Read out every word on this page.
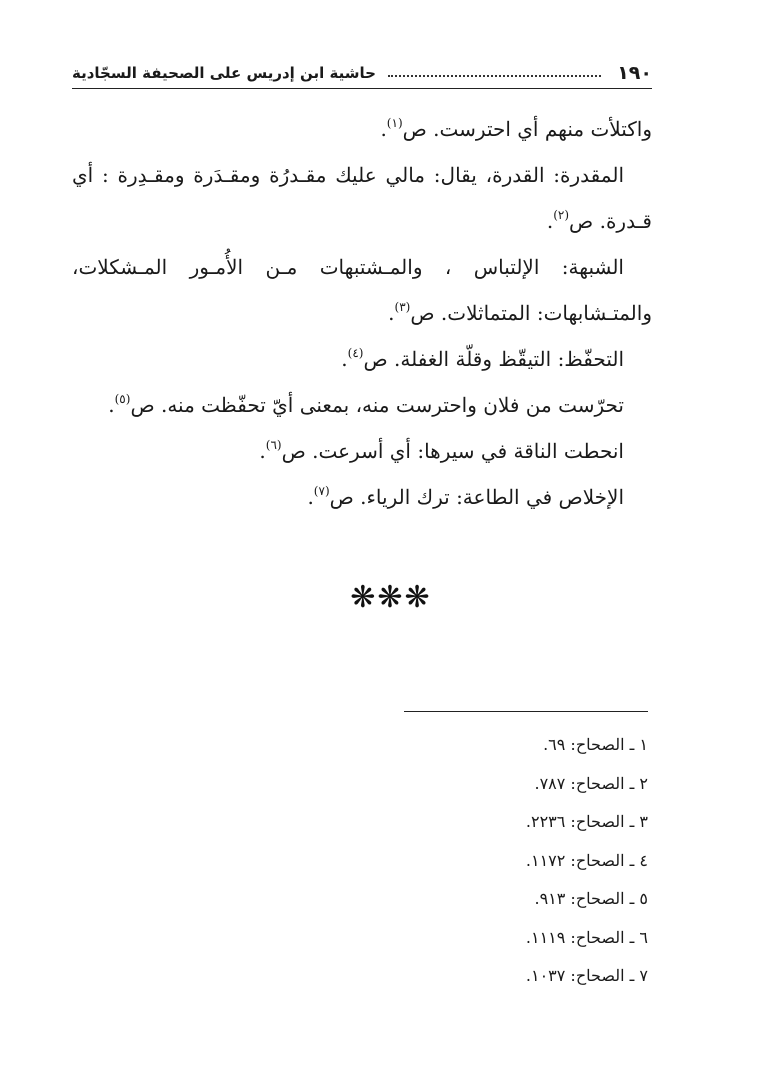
١٩٠
حاشية ابن إدريس على الصحيفة السجّادية

واكتلأت منهم أي احترست. ص$^{(١)}$.

المقدرة: القدرة، يقال: مالي عليك مقـدرُة ومقـدَرة ومقـدِرة : أي قـدرة. ص$^{(٢)}$.

الشبهة: الإلتباس ، والمـشتبهات مـن الأُمـور المـشكلات، والمتـشابهات: المتماثلات. ص$^{(٣)}$.

التحفّظ: التيقّظ وقلّة الغفلة. ص$^{(٤)}$.

تحرّست من فلان واحترست منه، بمعنى أيّ تحفّظت منه. ص$^{(٥)}$.

انحطت الناقة في سيرها: أي أسرعت. ص$^{(٦)}$.

الإخلاص في الطاعة: ترك الرياء. ص$^{(٧)}$.

❋❋❋

١ ـ الصحاح: ٦٩.

٢ ـ الصحاح: ٧٨٧.

٣ ـ الصحاح: ٢٢٣٦.

٤ ـ الصحاح: ١١٧٢.

٥ ـ الصحاح: ٩١٣.

٦ ـ الصحاح: ١١١٩.

٧ ـ الصحاح: ١٠٣٧.
